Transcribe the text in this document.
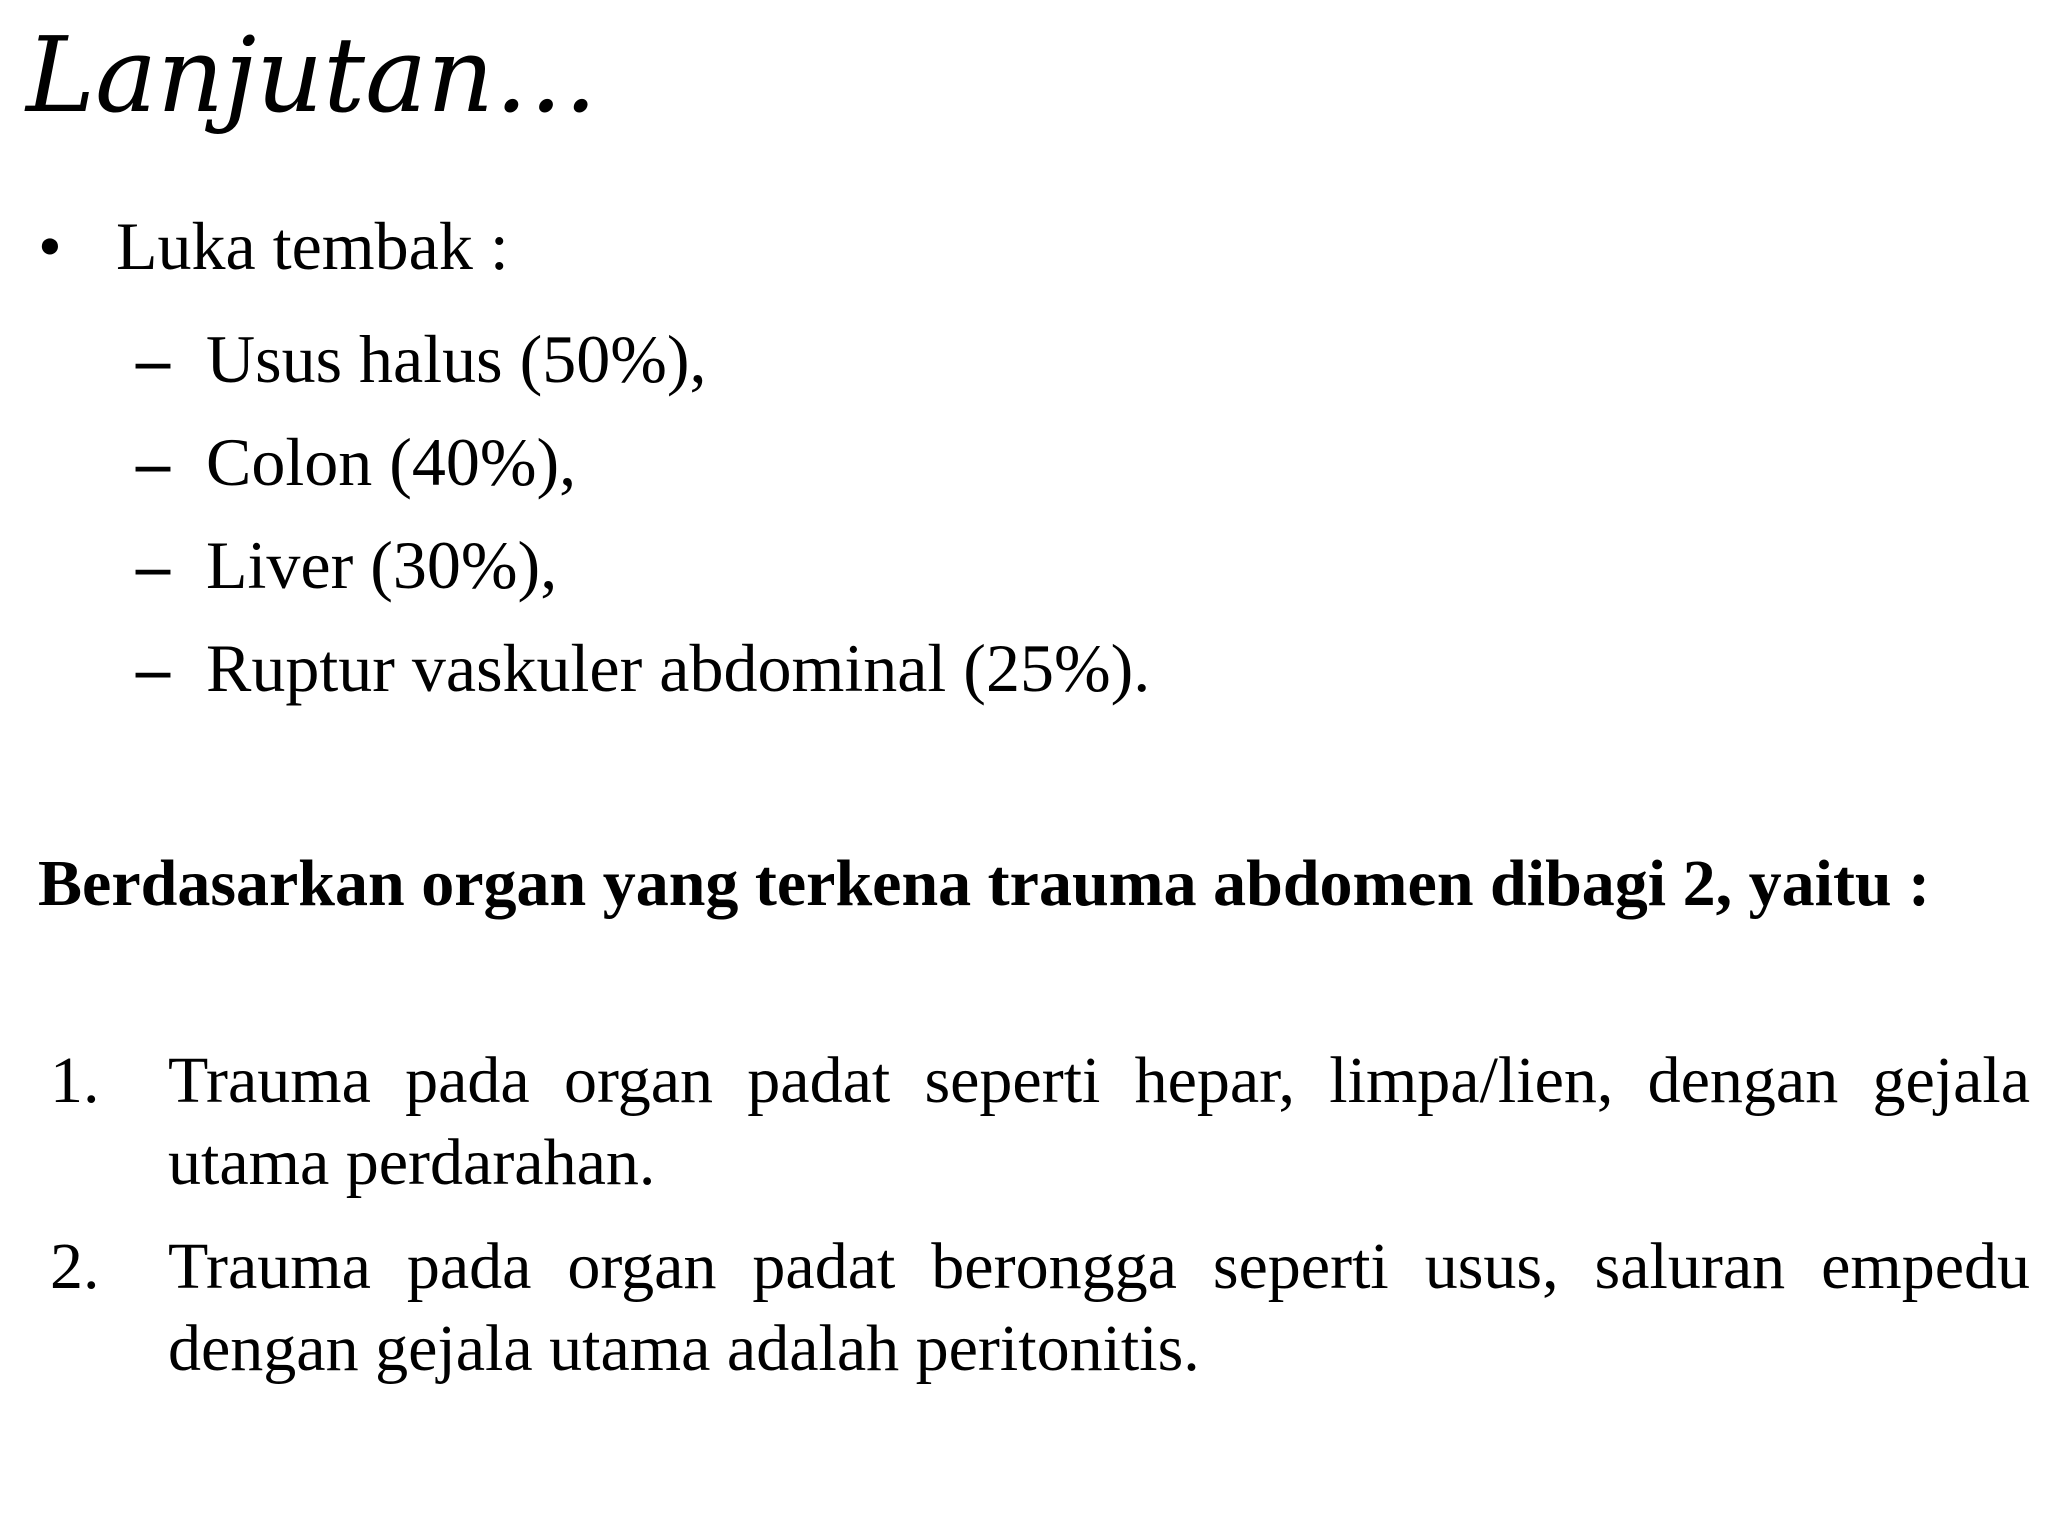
Lanjutan…
• Luka tembak :
– Usus halus (50%),
– Colon (40%),
– Liver (30%),
– Ruptur vaskuler abdominal (25%).
Berdasarkan organ yang terkena trauma abdomen dibagi 2, yaitu :
1. Trauma pada organ padat seperti hepar, limpa/lien, dengan gejala utama perdarahan.
2. Trauma pada organ padat berongga seperti usus, saluran empedu dengan gejala utama adalah peritonitis.
